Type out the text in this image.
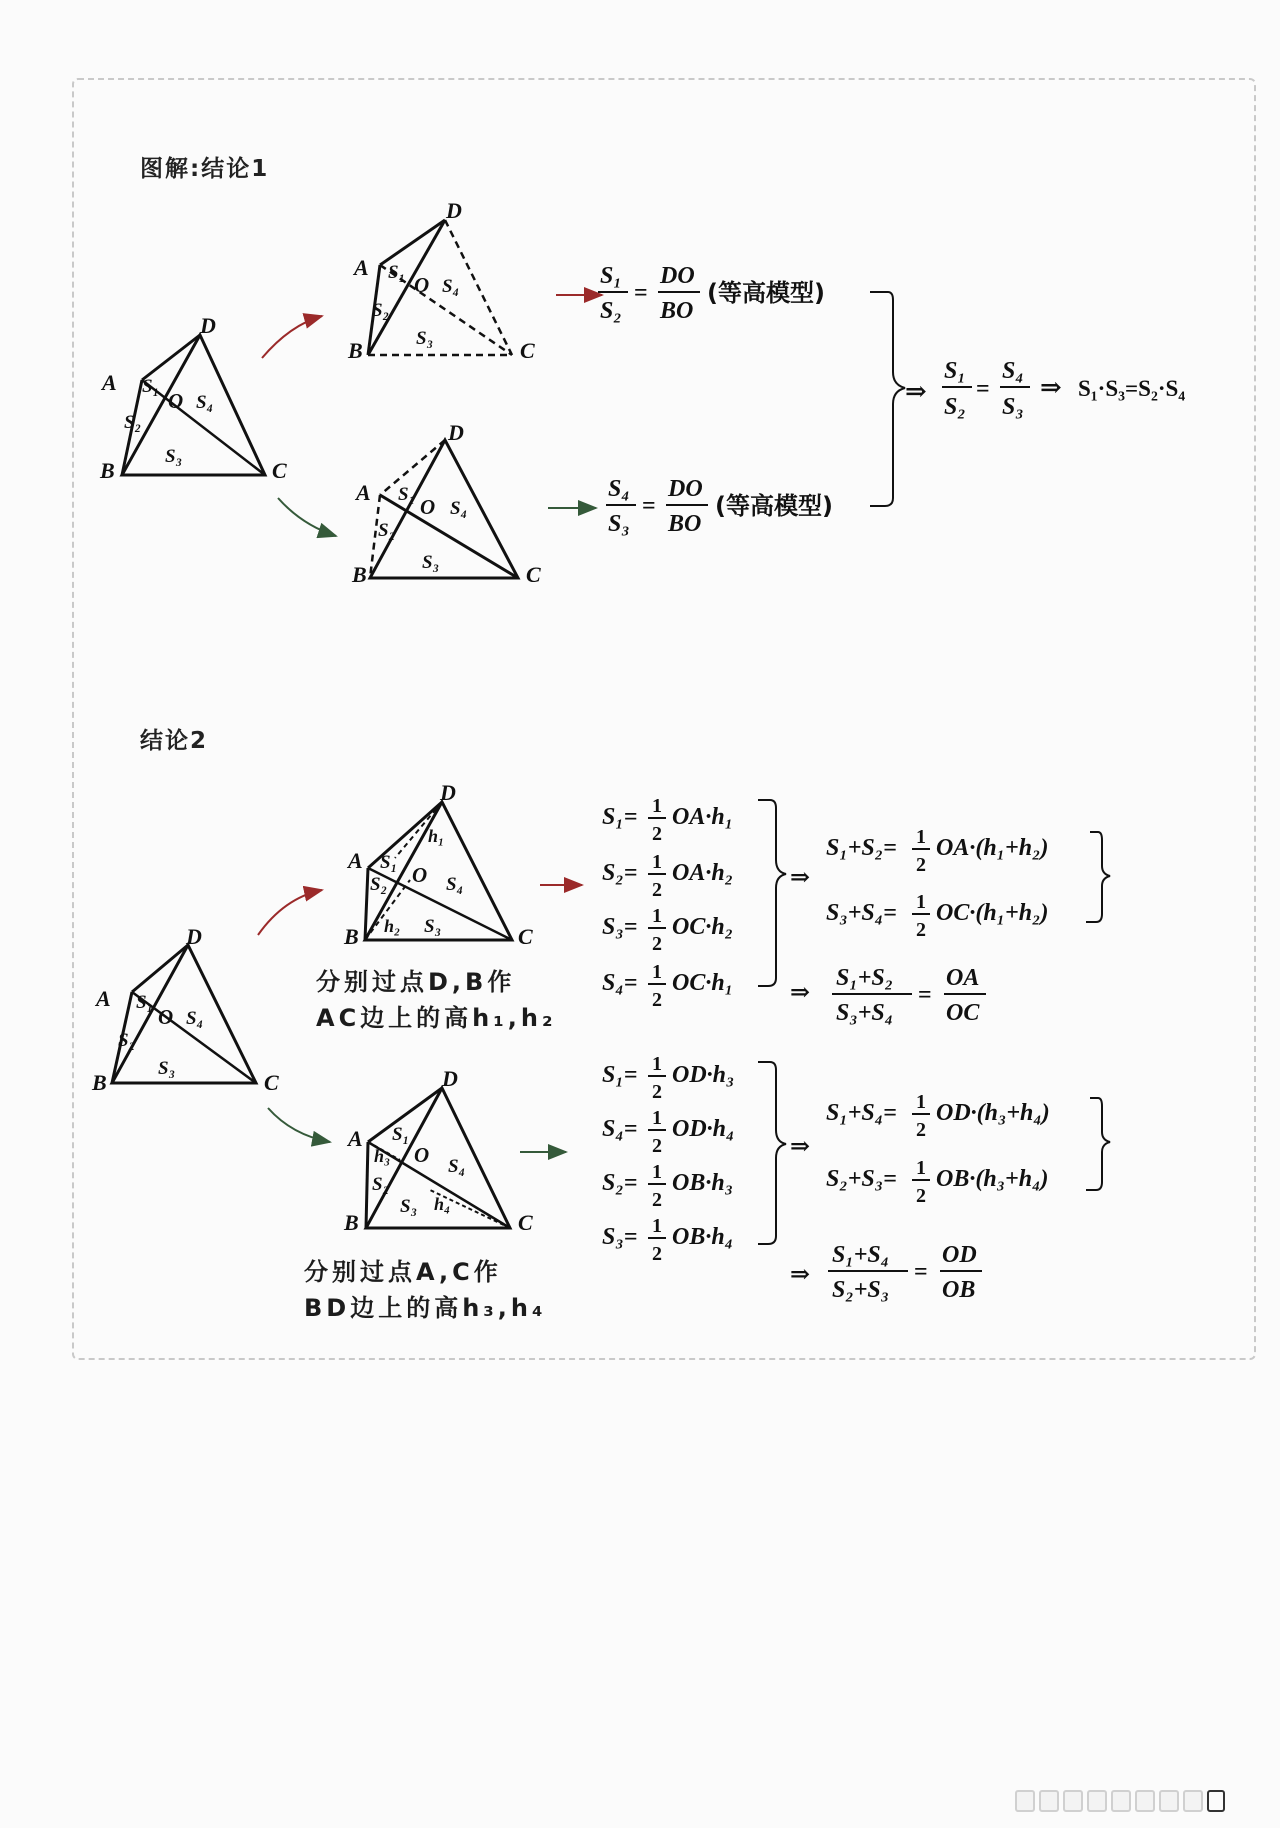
图解:结论1
结论2
分别过点D,B作
AC边上的高h₁,h₂
分别过点A,C作
BD边上的高h₃,h₄
D
A
B	C
O
S₁
S₂
S₃
S₄
D
A
B	C
O
S₁
S₂
S₃
S₄
D
A
B	C
O
S₁
S₂
S₃
S₄
S₁
S₂
=
DO
BO
(等高模型)
S₄
S₃
=
DO
BO
(等高模型)
⇒
S₁
S₂
=
S₄
S₃
⇒ S₁·S₃=S₂·S₄
D
A
B	C
O
S₁
S₂
S₃
S₄
D
A
B	C
O
S₁
S₂
S₃
S₄
h₁
h₂
D
A
B	C
O
S₁
S₂
S₃
S₄
h₃
h₄
S₁= 1
2
OA·h₁
S₂= 1
2
OA·h₂
S₃= 1
2
OC·h₂
S₄= 1
2
OC·h₁
⇒
S₁+S₂= 1
2
OA·(h₁+h₂)
S₃+S₄= 1
2
OC·(h₁+h₂)
⇒
S₁+S₂
S₃+S₄
=
OA
OC
S₁= 1
2
OD·h₃
S₄= 1
2
OD·h₄
S₂= 1
2
OB·h₃
S₃= 1
2
OB·h₄
⇒
S₁+S₄= 1
2
OD·(h₃+h₄)
S₂+S₃= 1
2
OB·(h₃+h₄)
⇒
S₁+S₄
S₂+S₃
=
OD
OB
